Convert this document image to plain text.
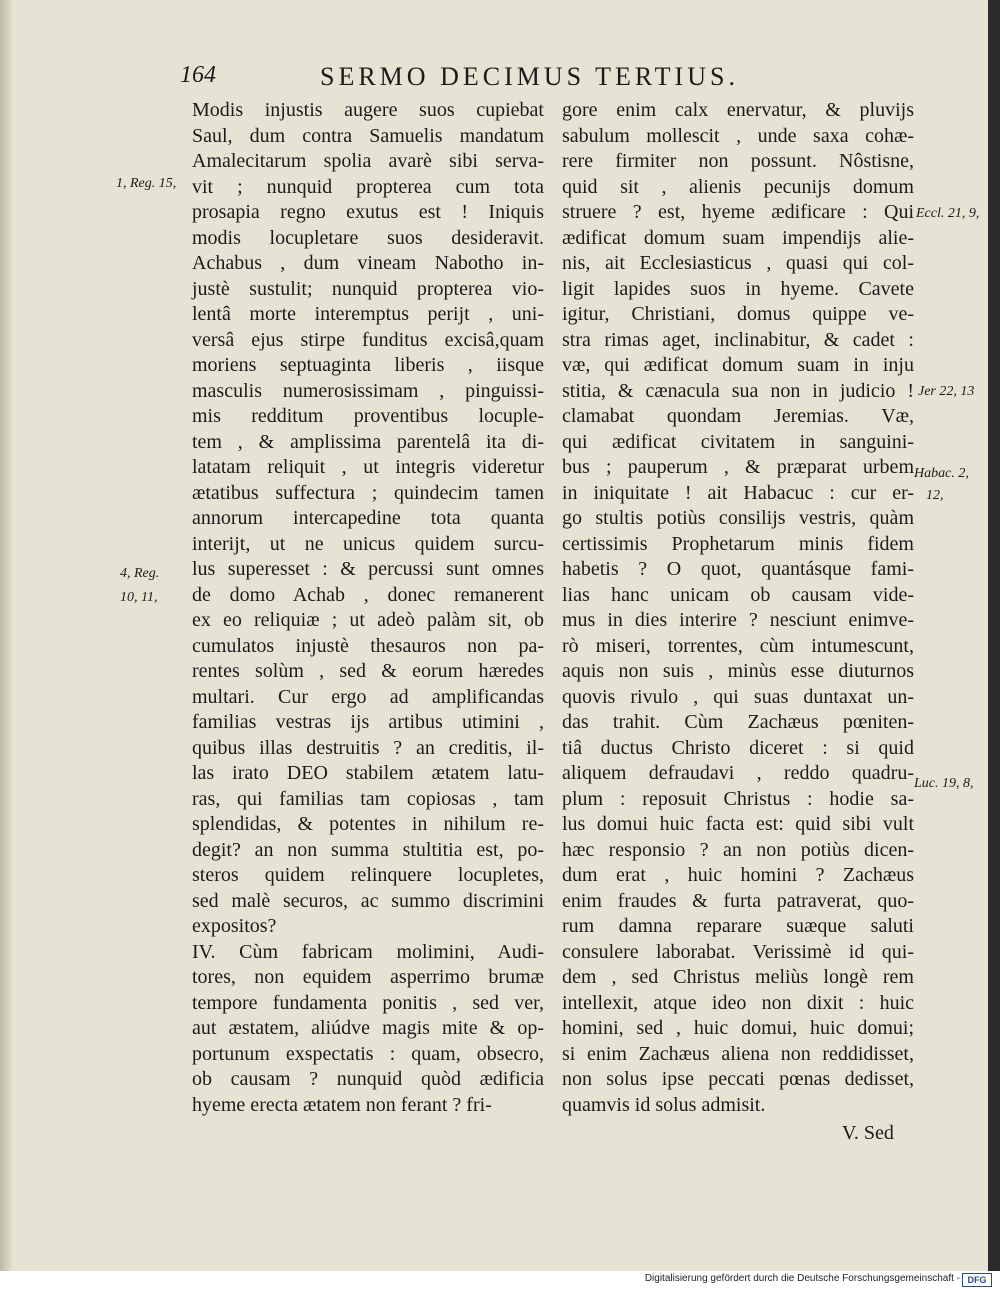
164	SERMO DECIMUS TERTIUS.
Modis injustis augere suos cupiebat
Saul, dum contra Samuelis mandatum
Amalecitarum spolia avarè sibi serva-
vit ; nunquid propterea cum tota
prosapia regno exutus est ! Iniquis
modis locupletare suos desideravit.
Achabus , dum vineam Nabotho in-
justè sustulit; nunquid propterea vio-
lentâ morte interemptus perijt , uni-
versâ ejus stirpe funditus excisâ,quam
moriens septuaginta liberis , iisque
masculis numerosissimam , pinguissi-
mis redditum proventibus locuple-
tem , & amplissima parentelâ ita di-
latatam reliquit , ut integris videretur
ætatibus suffectura ; quindecim tamen
annorum intercapedine tota quanta
interijt, ut ne unicus quidem surcu-
lus superesset : & percussi sunt omnes
de domo Achab , donec remanerent
ex eo reliquiæ ; ut adeò palàm sit, ob
cumulatos injustè thesauros non pa-
rentes solùm , sed & eorum hæredes
multari. Cur ergo ad amplificandas
familias vestras ijs artibus utimini ,
quibus illas destruitis ? an creditis, il-
las irato DEO stabilem ætatem latu-
ras, qui familias tam copiosas , tam
splendidas, & potentes in nihilum re-
degit? an non summa stultitia est, po-
steros quidem relinquere locupletes,
sed malè securos, ac summo discrimini
expositos?
IV. Cùm fabricam molimini, Audi-
tores, non equidem asperrimo brumæ
tempore fundamenta ponitis , sed ver,
aut æstatem, aliúdve magis mite & op-
portunum exspectatis : quam, obsecro,
ob causam ? nunquid quòd ædificia
hyeme erecta ætatem non ferant ? fri-
gore enim calx enervatur, & pluvijs
sabulum mollescit , unde saxa cohæ-
rere firmiter non possunt. Nôstisne,
quid sit , alienis pecunijs domum
struere ? est, hyeme ædificare : Qui
ædificat domum suam impendijs alie-
nis, ait Ecclesiasticus , quasi qui col-
ligit lapides suos in hyeme. Cavete
igitur, Christiani, domus quippe ve-
stra rimas aget, inclinabitur, & cadet :
væ, qui ædificat domum suam in inju
stitia, & cænacula sua non in judicio !
clamabat quondam Jeremias. Væ,
qui ædificat civitatem in sanguini-
bus ; pauperum , & præparat urbem
in iniquitate ! ait Habacuc : cur er-
go stultis potiùs consilijs vestris, quàm
certissimis Prophetarum minis fidem
habetis ? O quot, quantásque fami-
lias hanc unicam ob causam vide-
mus in dies interire ? nesciunt enimve-
rò miseri, torrentes, cùm intumescunt,
aquis non suis , minùs esse diuturnos
quovis rivulo , qui suas duntaxat un-
das trahit. Cùm Zachæus pœniten-
tiâ ductus Christo diceret : si quid
aliquem defraudavi , reddo quadru-
plum : reposuit Christus : hodie sa-
lus domui huic facta est: quid sibi vult
hæc responsio ? an non potiùs dicen-
dum erat , huic homini ? Zachæus
enim fraudes & furta patraverat, quo-
rum damna reparare suæque saluti
consulere laborabat. Verissimè id qui-
dem , sed Christus meliùs longè rem
intellexit, atque ideo non dixit : huic
homini, sed , huic domui, huic domui;
si enim Zachæus aliena non reddidisset,
non solus ipse peccati pœnas dedisset,
quamvis id solus admisit.
1, Reg. 15,
4, Reg.
10, 11,
Eccl. 21, 9,
Jer 22, 13
Habac. 2,
12,
Luc. 19, 8,
V. Sed
Digitalisierung gefördert durch die Deutsche Forschungsgemeinschaft - DFG
